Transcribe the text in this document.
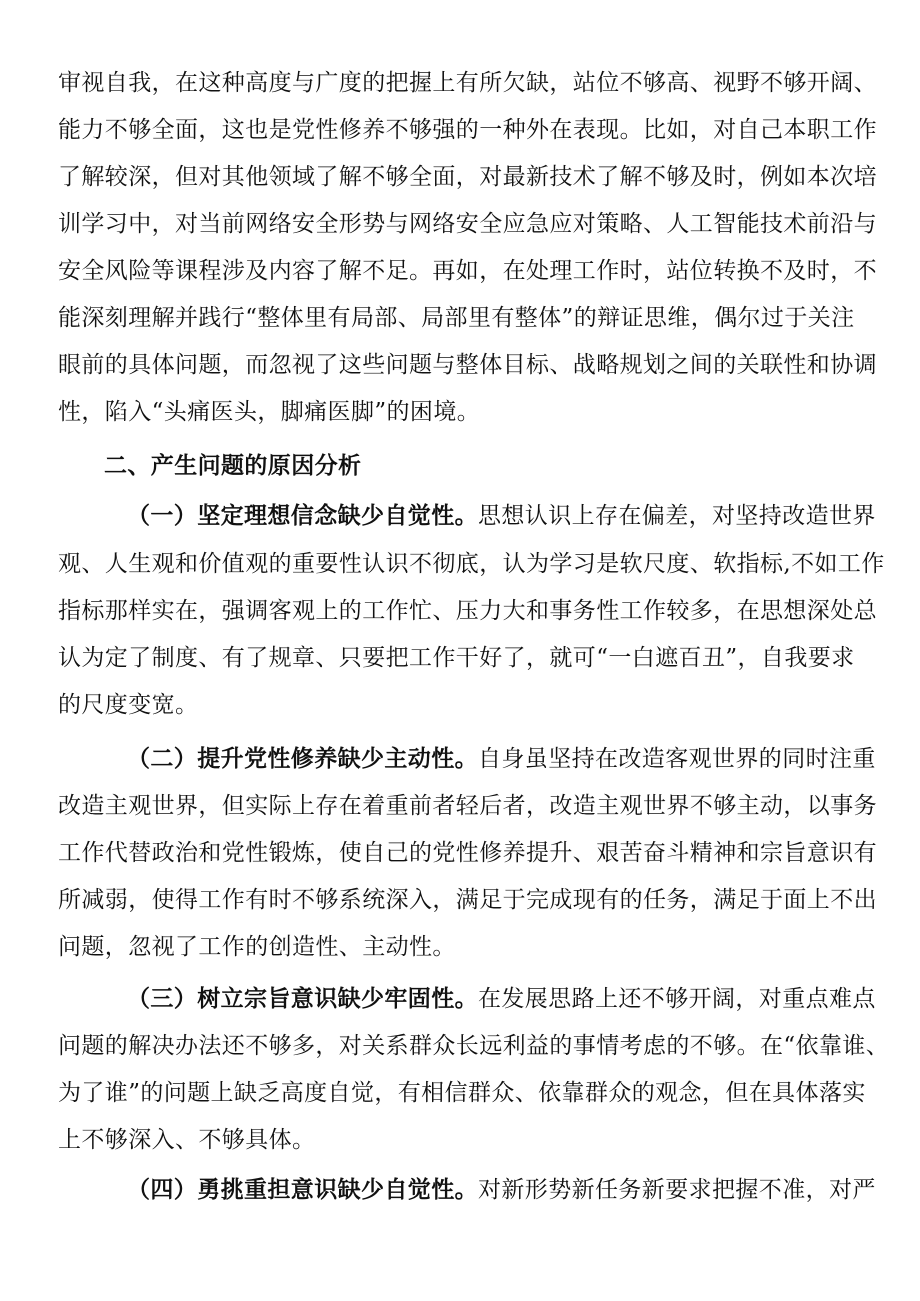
审视自我，在这种高度与广度的把握上有所欠缺，站位不够高、视野不够开阔、
能力不够全面，这也是党性修养不够强的一种外在表现。比如，对自己本职工作
了解较深，但对其他领域了解不够全面，对最新技术了解不够及时，例如本次培
训学习中，对当前网络安全形势与网络安全应急应对策略、人工智能技术前沿与
安全风险等课程涉及内容了解不足。再如，在处理工作时，站位转换不及时，不
能深刻理解并践行“整体里有局部、局部里有整体”的辩证思维，偶尔过于关注
眼前的具体问题，而忽视了这些问题与整体目标、战略规划之间的关联性和协调
性，陷入“头痛医头，脚痛医脚”的困境。
二、产生问题的原因分析
（一）坚定理想信念缺少自觉性。思想认识上存在偏差，对坚持改造世界
观、人生观和价值观的重要性认识不彻底，认为学习是软尺度、软指标,不如工作
指标那样实在，强调客观上的工作忙、压力大和事务性工作较多，在思想深处总
认为定了制度、有了规章、只要把工作干好了，就可“一白遮百丑”，自我要求
的尺度变宽。
（二）提升党性修养缺少主动性。自身虽坚持在改造客观世界的同时注重
改造主观世界，但实际上存在着重前者轻后者，改造主观世界不够主动，以事务
工作代替政治和党性锻炼，使自己的党性修养提升、艰苦奋斗精神和宗旨意识有
所减弱，使得工作有时不够系统深入，满足于完成现有的任务，满足于面上不出
问题，忽视了工作的创造性、主动性。
（三）树立宗旨意识缺少牢固性。在发展思路上还不够开阔，对重点难点
问题的解决办法还不够多，对关系群众长远利益的事情考虑的不够。在“依靠谁、
为了谁”的问题上缺乏高度自觉，有相信群众、依靠群众的观念，但在具体落实
上不够深入、不够具体。
（四）勇挑重担意识缺少自觉性。对新形势新任务新要求把握不准，对严
